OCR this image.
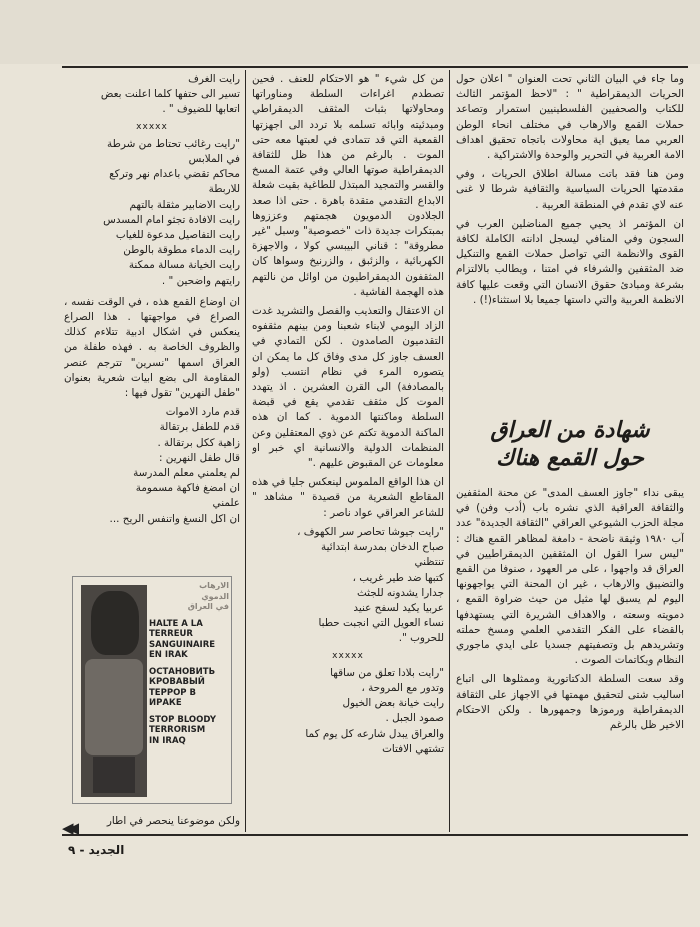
وما جاء في البيان الثاني تحت العنوان " اعلان حول الحريات الديمقراطية " : "لاحظ المؤتمر الثالث للكتاب والصحفيين الفلسطينيين استمرار وتصاعد حملات القمع والارهاب في مختلف انحاء الوطن العربي مما يعيق اية محاولات باتجاه تحقيق اهداف الامة العربية في التحرير والوحدة والاشتراكية .

ومن هنا فقد باتت مسالة اطلاق الحريات ، وفي مقدمتها الحريات السياسية والثقافية شرطا لا غنى عنه لاي تقدم في المنطقة العربية .

ان المؤتمر اذ يحيي جميع المناضلين العرب في السجون وفي المنافي ليسجل ادانته الكاملة لكافة القوى والانظمة التي تواصل حملات القمع والتنكيل ضد المثقفين والشرفاء في امتنا ، ويطالب بالالتزام بشرعة ومبادئ حقوق الانسان التي وقعت عليها كافة الانظمة العربية والتي داستها جميعا بلا استثناء(!) .

شهادة من العراق
حول القمع هناك

يبقى نداء "جاوز العسف المدى" عن محنة المثقفين والثقافة العراقية الذي نشره باب (أدب وفن) في مجلة الحزب الشيوعي العراقي "الثقافة الجديدة" عدد آب ١٩٨٠ وثيقة ناضحة - دامغة لمظاهر القمع هناك : "ليس سرا القول ان المثقفين الديمقراطيين في العراق قد واجهوا ، على مر العهود ، صنوفا من القمع والتضييق والارهاب ، غير ان المحنة التي يواجهونها اليوم لم يسبق لها مثيل من حيث ضراوة القمع ، دمويته وسعته ، والاهداف الشريرة التي يستهدفها بالقضاء على الفكر التقدمي العلمي ومسخ حملته وتشريدهم بل وتصفيتهم جسديا على ايدي ماجوري النظام وبكاتمات الصوت .

وقد سعت السلطة الدكتاتورية وممثلوها الى اتباع اساليب شتى لتحقيق مهمتها في الاجهاز على الثقافة الديمقراطية ورموزها وجمهورها . ولكن الاحتكام الاخير ظل بالرغم

من كل شيء " هو الاحتكام للعنف . فحين تصطدم اغراءات السلطة ومناوراتها ومحاولاتها بثبات المثقف الديمقراطي ومبدئيته وابائه تسلمه بلا تردد الى اجهزتها القمعية التي قد تتمادى في لعبتها معه حتى الموت . بالرغم من هذا ظل للثقافة الديمقراطية صوتها العالي وفي عتمة المسخ والقسر والتمجيد المبتذل للطاغية بقيت شعلة الابداع التقدمي متقدة باهرة . حتى اذا صعد الجلادون الدمويون هجمتهم وعززوها بمبتكرات جديدة ذات "خصوصية" وسبل "غير مطروقة" : قناني البيبسي كولا ، والاجهزة الكهربائية ، والزئبق ، والزرنيخ وسواها كان المثقفون الديمقراطيون من اوائل من نالتهم هذه الهجمة الفاشية .

ان الاعتقال والتعذيب والفصل والتشريد غدت الزاد اليومي لابناء شعبنا ومن بينهم مثقفوه التقدميون الصامدون . لكن التمادي في العسف جاوز كل مدى وفاق كل ما يمكن ان يتصوره المرء في نظام انتسب (ولو بالمصادفة) الى القرن العشرين . اذ يتهدد الموت كل مثقف تقدمي يقع في قبضة السلطة وماكنتها الدموية . كما ان هذه الماكنة الدموية تكتم عن ذوي المعتقلين وعن المنظمات الدولية والانسانية اي خبر او معلومات عن المقبوض عليهم ."

ان هذا الواقع الملموس لينعكس جليا في هذه المقاطع الشعرية من قصيدة " مشاهد " للشاعر العراقي عواد ناصر :

"رايت جيوشا تحاصر سر الكهوف ،
صباح الدخان بمدرسة ابتدائية
تنتظني
كتبها ضد طير غريب ،
جدارا يشدونه للجثث
عربيا يكيد لسفح عنيد
نساء العويل التي انجبت حطبا
للحروب ".
xxxxx
"رايت بلادا تعلق من ساقها
وتدور مع المروحة ،
رايت خيانة بعض الخيول
صمود الجبل .
والعراق يبدل شارعه كل يوم كما
تشتهي الافتات
رايت الغرف
تسير الى حتفها كلما اعلنت بعض
اتعابها للضيوف " .
xxxxx
"رايت رغائب تحتاط من شرطة
في الملابس
محاكم تقضي باعدام نهر وتركع
للاربطة
رايت الاضابير مثقلة بالتهم
رايت الافادة تجثو امام المسدس
رايت التفاصيل مدعوة للغياب
رايت الدماء مطوقة بالوطن
رايت الخيانة مسالة ممكنة
رايتهم واضحين " .

ان اوضاع القمع هذه ، في الوقت نفسه ، الصراع في مواجهتها . هذا الصراع ينعكس في اشكال ادبية تتلاءم كذلك والظروف الخاصة به . فهذه طفلة من العراق اسمها "نسرين" تترجم عنصر المقاومة الى بضع ابيات شعرية بعنوان "طفل النهرين" تقول فيها :

قدم مارد الاموات
قدم للطفل برتقالة
زاهية ككل برتقالة .
قال طفل النهرين :
لم يعلمني معلم المدرسة
ان امضغ فاكهة مسمومة
علمني
ان اكل النسغ واتنفس الريح ...
الارهاب
الدموي
في العراق
HALTE A LA
TERREUR
SANGUINAIRE
EN IRAK
ОСТАНОВИТЬ
КРОВАВЫЙ
ТЕРРОР В ИРАКЕ
STOP BLOODY
TERRORISM
IN IRAQ
ولكن موضوعنا ينحصر في اطار
◀◀
الجديد - ٩
